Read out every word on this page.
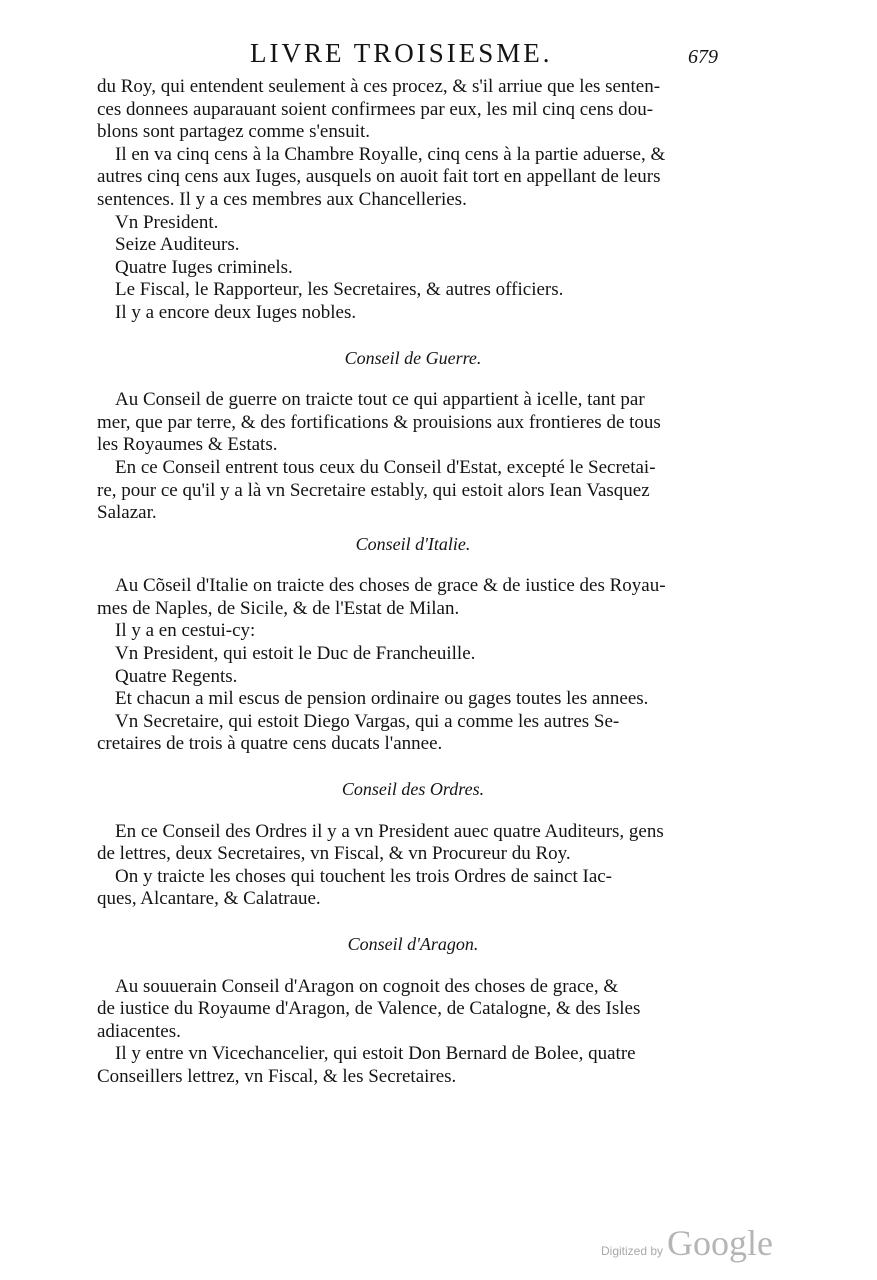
LIVRE TROISIESME.	679
du Roy, qui entendent seulement à ces procez, & s'il arriue que les senten-
ces donnees auparauant soient confirmees par eux, les mil cinq cens dou-
blons sont partagez comme s'ensuit.
Il en va cinq cens à la Chambre Royalle, cinq cens à la partie aduerse, &
autres cinq cens aux Iuges, ausquels on auoit fait tort en appellant de leurs
sentences. Il y a ces membres aux Chancelleries.
Vn President.
Seize Auditeurs.
Quatre Iuges criminels.
Le Fiscal, le Rapporteur, les Secretaires, & autres officiers.
Il y a encore deux Iuges nobles.
Conseil de Guerre.
Au Conseil de guerre on traicte tout ce qui appartient à icelle, tant par
mer, que par terre, & des fortifications & prouisions aux frontieres de tous
les Royaumes & Estats.
En ce Conseil entrent tous ceux du Conseil d'Estat, excepté le Secretai-
re, pour ce qu'il y a là vn Secretaire estably, qui estoit alors Iean Vasquez
Salazar.
Conseil d'Italie.
Au Cõseil d'Italie on traicte des choses de grace & de iustice des Royau-
mes de Naples, de Sicile, & de l'Estat de Milan.
Il y a en cestui-cy:
Vn President, qui estoit le Duc de Francheuille.
Quatre Regents.
Et chacun a mil escus de pension ordinaire ou gages toutes les annees.
Vn Secretaire, qui estoit Diego Vargas, qui a comme les autres Se-
cretaires de trois à quatre cens ducats l'annee.
Conseil des Ordres.
En ce Conseil des Ordres il y a vn President auec quatre Auditeurs, gens
de lettres, deux Secretaires, vn Fiscal, & vn Procureur du Roy.
On y traicte les choses qui touchent les trois Ordres de sainct Iac-
ques, Alcantare, & Calatraue.
Conseil d'Aragon.
Au souuerain Conseil d'Aragon on cognoit des choses de grace, &
de iustice du Royaume d'Aragon, de Valence, de Catalogne, & des Isles
adiacentes.
Il y entre vn Vicechancelier, qui estoit Don Bernard de Bolee, quatre
Conseillers lettrez, vn Fiscal, & les Secretaires.
Digitized by Google
